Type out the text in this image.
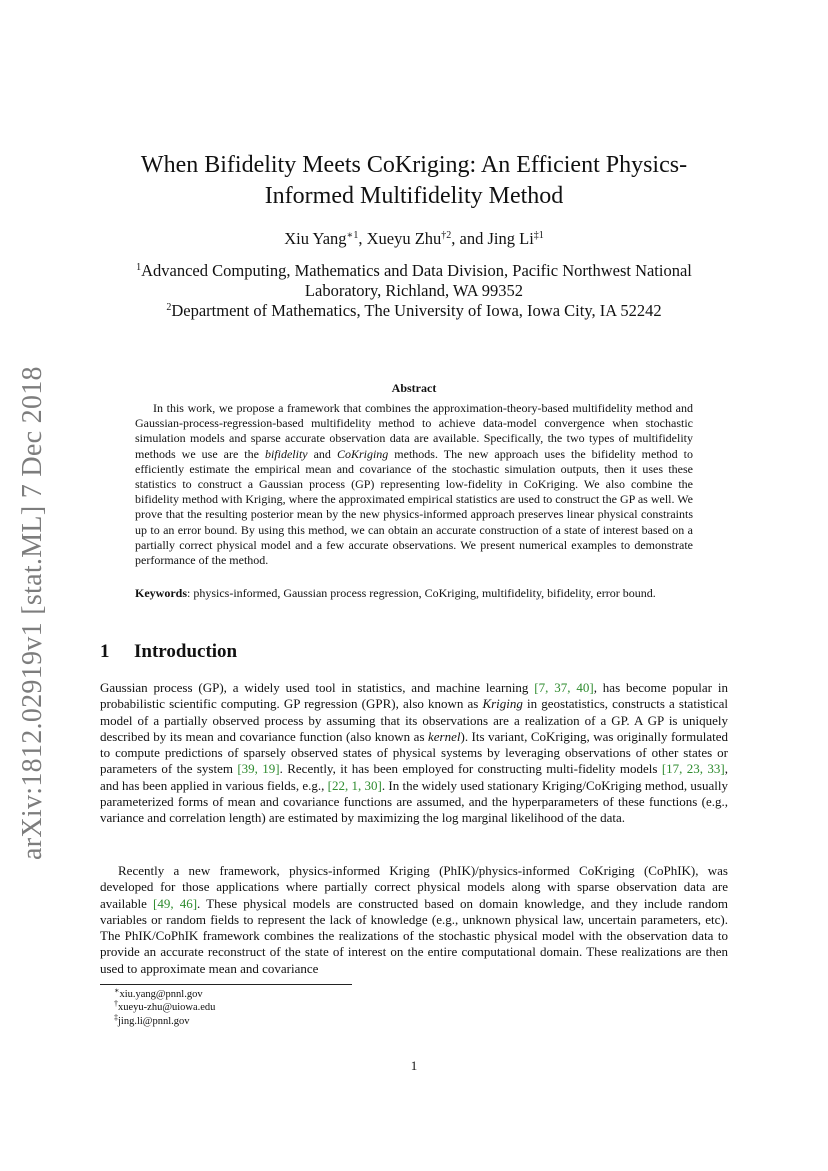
arXiv:1812.02919v1 [stat.ML] 7 Dec 2018
When Bifidelity Meets CoKriging: An Efficient Physics-Informed Multifidelity Method
Xiu Yang$^{∗1}$, Xueyu Zhu$^{\dagger 2}$, and Jing Li$^{\ddagger 1}$

$^1$Advanced Computing, Mathematics and Data Division, Pacific Northwest National Laboratory, Richland, WA 99352

$^2$Department of Mathematics, The University of Iowa, Iowa City, IA 52242

Abstract

In this work, we propose a framework that combines the approximation-theory-based multifidelity method and Gaussian-process-regression-based multifidelity method to achieve data-model convergence when stochastic simulation models and sparse accurate observation data are available. Specifically, the two types of multifidelity methods we use are the bifidelity and CoKriging methods. The new approach uses the bifidelity method to efficiently estimate the empirical mean and covariance of the stochastic simulation outputs, then it uses these statistics to construct a Gaussian process (GP) representing low-fidelity in CoKriging. We also combine the bifidelity method with Kriging, where the approximated empirical statistics are used to construct the GP as well. We prove that the resulting posterior mean by the new physics-informed approach preserves linear physical constraints up to an error bound. By using this method, we can obtain an accurate construction of a state of interest based on a partially correct physical model and a few accurate observations. We present numerical examples to demonstrate performance of the method.

Keywords: physics-informed, Gaussian process regression, CoKriging, multifidelity, bifidelity, error bound.

1 Introduction

Gaussian process (GP), a widely used tool in statistics, and machine learning [7, 37, 40], has become popular in probabilistic scientific computing. GP regression (GPR), also known as Kriging in geostatistics, constructs a statistical model of a partially observed process by assuming that its observations are a realization of a GP. A GP is uniquely described by its mean and covariance function (also known as kernel). Its variant, CoKriging, was originally formulated to compute predictions of sparsely observed states of physical systems by leveraging observations of other states or parameters of the system [39, 19]. Recently, it has been employed for constructing multi-fidelity models [17, 23, 33], and has been applied in various fields, e.g., [22, 1, 30]. In the widely used stationary Kriging/CoKriging method, usually parameterized forms of mean and covariance functions are assumed, and the hyperparameters of these functions (e.g., variance and correlation length) are estimated by maximizing the log marginal likelihood of the data.

Recently a new framework, physics-informed Kriging (PhIK)/physics-informed CoKriging (CoPhIK), was developed for those applications where partially correct physical models along with sparse observation data are available [49, 46]. These physical models are constructed based on domain knowledge, and they include random variables or random fields to represent the lack of knowledge (e.g., unknown physical law, uncertain parameters, etc). The PhIK/CoPhIK framework combines the realizations of the stochastic physical model with the observation data to provide an accurate reconstruct of the state of interest on the entire computational domain. These realizations are then used to approximate mean and covariance

∗xiu.yang@pnnl.gov
†xueyu-zhu@uiowa.edu
‡jing.li@pnnl.gov
1
